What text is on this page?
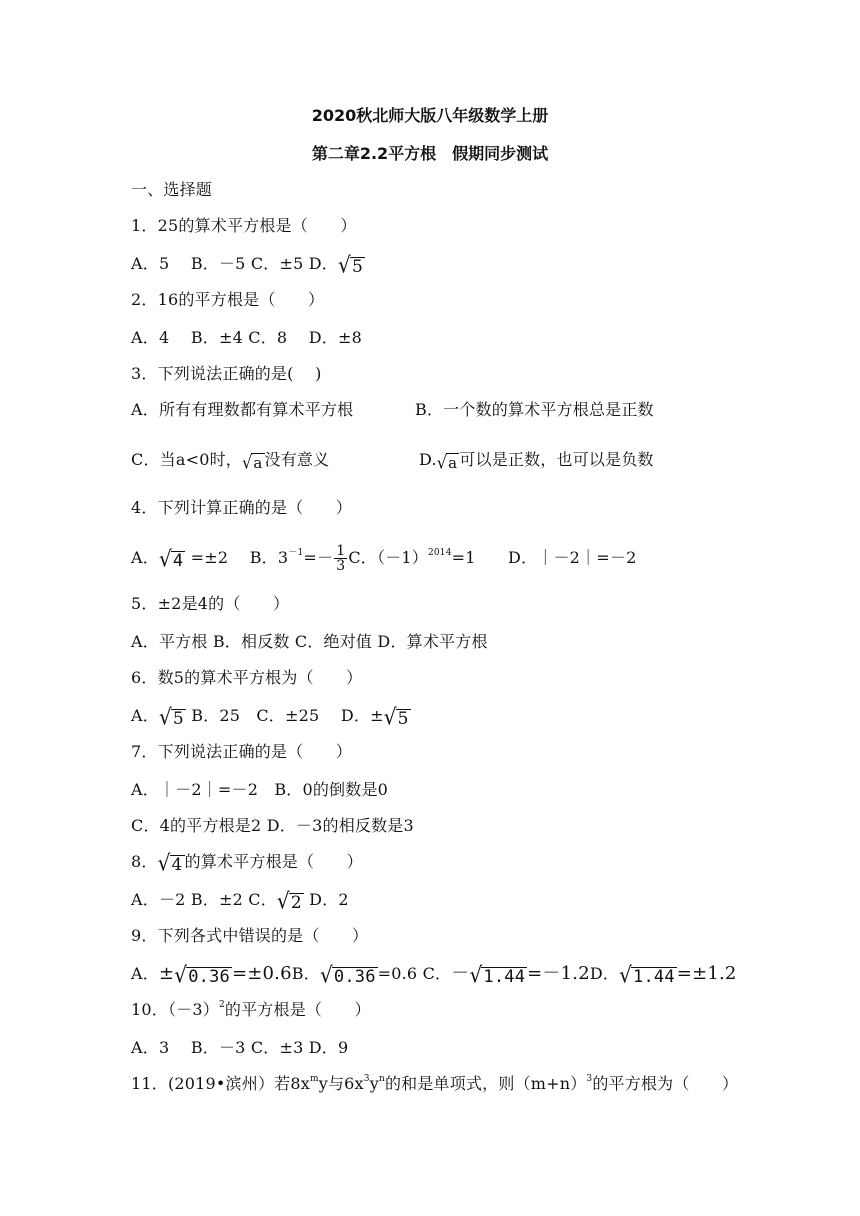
2020秋北师大版八年级数学上册
第二章2.2平方根　假期同步测试
一、选择题
1．25的算术平方根是（　　）
A．5　 B．－5 C．±5 D．√5
2．16的平方根是（　　）
A．4　 B．±4 C．8　 D．±8
3．下列说法正确的是(　 )
A．所有有理数都有算术平方根	B．一个数的算术平方根总是正数
C．当a<0时，√a 没有意义	D.√a 可以是正数，也可以是负数
4．下列计算正确的是（　　）
A．√4 =±2　 B．$3^{-1}=- \frac{1}{3}$ C．$(-1)^{2014}=1$　　D．｜－2｜=－2
5．±2是4的（　　）
A．平方根 B．相反数 C．绝对值 D．算术平方根
6．数5的算术平方根为（　　）
A．√5 B．25　C．±25　 D．±√5
7．下列说法正确的是（　　）
A．｜－2｜=－2　B．0的倒数是0
C．4的平方根是2 D．－3的相反数是3
8．√4 的算术平方根是（　　）
A．－2 B．±2 C．√2 D．2
9．下列各式中错误的是（　　）
A．±√0.36 =±0.6B．√0.36 =0.6 C．－√1.44 =－1.2D．√1.44 =±1.2
10．$(-3)^2$的平方根是（　　）
A．3　 B．－3 C．±3 D．9
11．(2019•滨州）若$8x^my$与$6x^3y^n$的和是单项式，则$(m+n)^3$的平方根为（　　）
